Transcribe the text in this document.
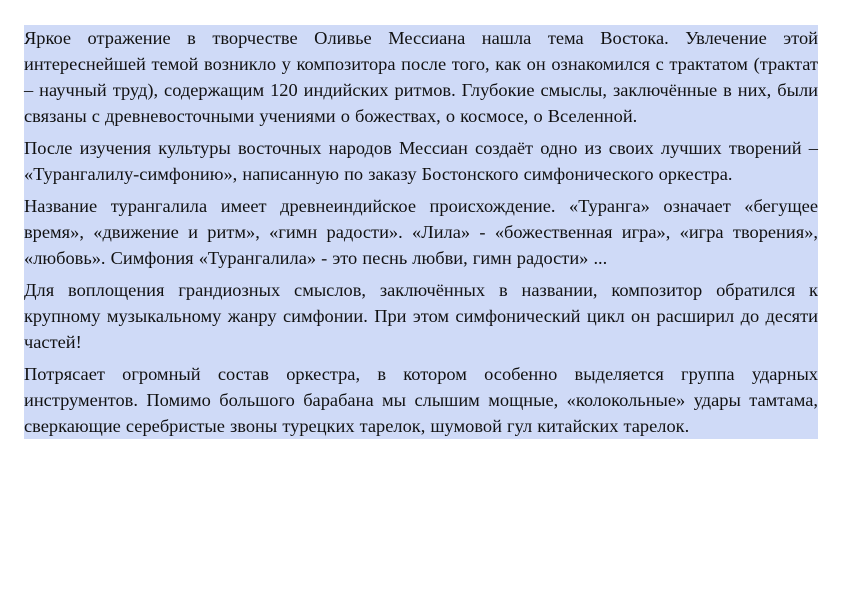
Яркое отражение в творчестве Оливье Мессиана нашла тема Востока. Увлечение этой интереснейшей темой возникло у композитора после того, как он ознакомился с трактатом (трактат – научный труд), содержащим 120 индийских ритмов. Глубокие смыслы, заключённые в них, были связаны с древневосточными учениями о божествах, о космосе, о Вселенной.

После изучения культуры восточных народов Мессиан создаёт одно из своих лучших творений – «Турангалилу-симфонию», написанную по заказу Бостонского симфонического оркестра.

Название турангалила имеет древнеиндийское происхождение. «Туранга» означает «бегущее время», «движение и ритм», «гимн радости». «Лила» - «божественная игра», «игра творения», «любовь». Симфония «Турангалила» - это песнь любви, гимн радости» ...

Для воплощения грандиозных смыслов, заключённых в названии, композитор обратился к крупному музыкальному жанру симфонии. При этом симфонический цикл он расширил до десяти частей!

Потрясает огромный состав оркестра, в котором особенно выделяется группа ударных инструментов. Помимо большого барабана мы слышим мощные, «колокольные» удары тамтама, сверкающие серебристые звоны турецких тарелок, шумовой гул китайских тарелок.
